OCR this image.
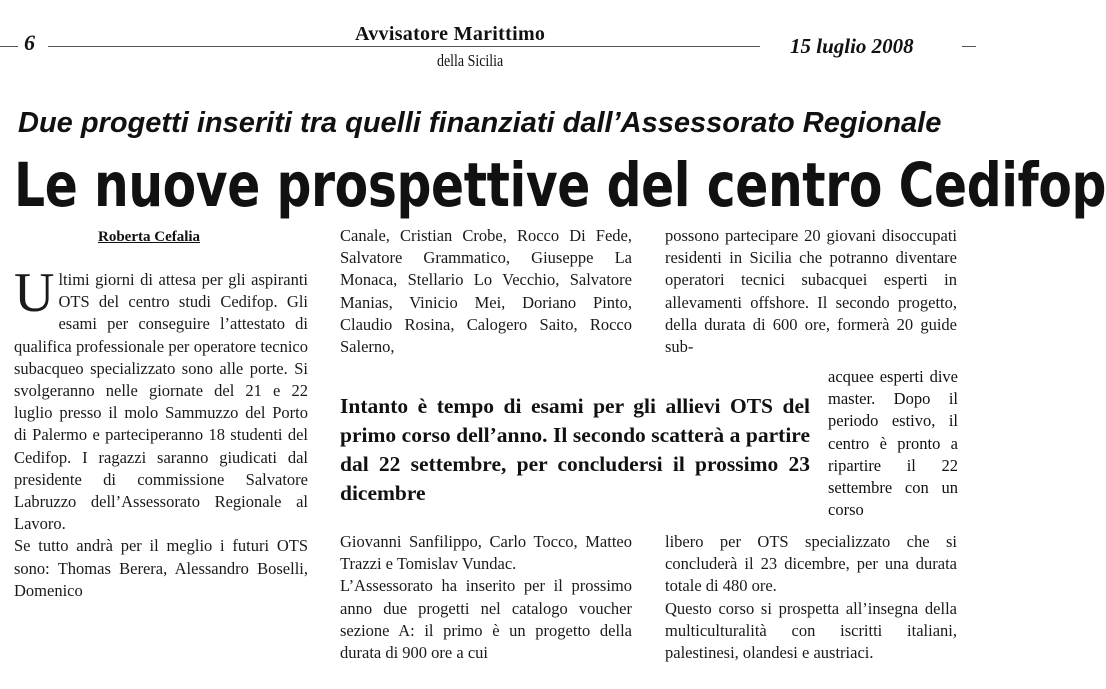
6	Avvisatore Marittimo
della Sicilia
15 luglio 2008
Due progetti inseriti tra quelli finanziati dall’Assessorato Regionale
Le nuove prospettive del centro Cedifop
Roberta Cefalia

Ultimi giorni di attesa per gli aspiranti OTS del centro studi Cedifop. Gli esami per conseguire l’attestato di qualifica professionale per operatore tecnico subacqueo specializzato sono alle porte. Si svolgeranno nelle giornate del 21 e 22 luglio presso il molo Sammuzzo del Porto di Palermo e parteciperanno 18 studenti del Cedifop. I ragazzi saranno giudicati dal presidente di commissione Salvatore Labruzzo dell’Assessorato Regionale al Lavoro.

Se tutto andrà per il meglio i futuri OTS sono: Thomas Berera, Alessandro Boselli, Domenico

Canale, Cristian Crobe, Rocco Di Fede, Salvatore Grammatico, Giuseppe La Monaca, Stellario Lo Vecchio, Salvatore Manias, Vinicio Mei, Doriano Pinto, Claudio Rosina, Calogero Saito, Rocco Salerno,

Intanto è tempo di esami per gli allievi OTS del primo corso dell’anno. Il secondo scatterà a partire dal 22 settembre, per concludersi il prossimo 23 dicembre

Giovanni Sanfilippo, Carlo Tocco, Matteo Trazzi e Tomislav Vundac.

L’Assessorato ha inserito per il prossimo anno due progetti nel catalogo voucher sezione A: il primo è un progetto della durata di 900 ore a cui

possono partecipare 20 giovani disoccupati residenti in Sicilia che potranno diventare operatori tecnici subacquei esperti in allevamenti offshore. Il secondo progetto, della durata di 600 ore, formerà 20 guide sub-

acquee esperti dive master. Dopo il periodo estivo, il centro è pronto a ripartire il 22 settembre con un corso

libero per OTS specializzato che si concluderà il 23 dicembre, per una durata totale di 480 ore.

Questo corso si prospetta all’insegna della multiculturalità con iscritti italiani, palestinesi, olandesi e austriaci.
